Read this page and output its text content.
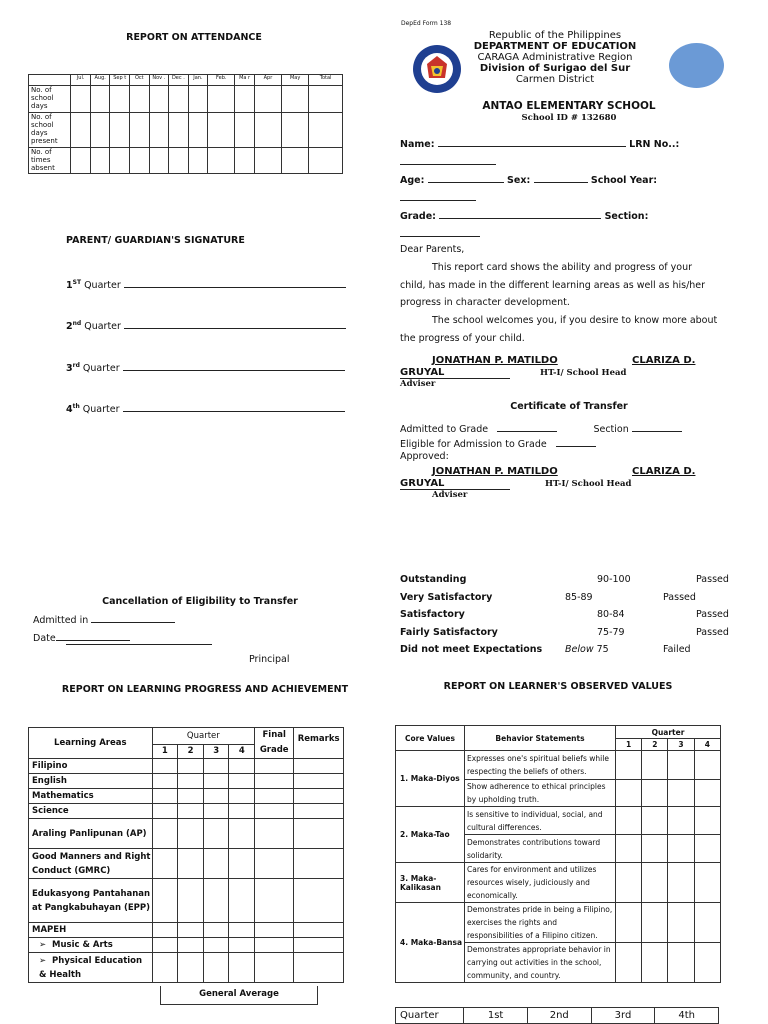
REPORT ON ATTENDANCE
	Jul.	Aug.	Sep t	Oct	Nov .	Dec .	Jan.	Feb.	Ma r	Apr	May	Total
No. of school days												
No. of school days present												
No. of times absent												
PARENT/ GUARDIAN'S SIGNATURE
1ST Quarter
2nd Quarter
3rd Quarter
4th Quarter
Cancellation of Eligibility to Transfer
Admitted in
Date
Principal
REPORT ON LEARNING PROGRESS AND ACHIEVEMENT
Learning Areas	Quarter				Final Grade	Remarks
	1	2	3	4		
Filipino						
English						
Mathematics						
Science						
Araling Panlipunan (AP)						
Good Manners and Right Conduct (GMRC)						
Edukasyong Pantahanan at Pangkabuhayan (EPP)						
MAPEH						
➢  Music & Arts						
➢  Physical Education & Health						
General Average
DepEd Form 138
Republic of the Philippines
DEPARTMENT OF EDUCATION
CARAGA Administrative Region
Division of Surigao del Sur
Carmen District
ANTAO ELEMENTARY SCHOOL
School ID # 132680
Name:	LRN No..:
Age:	Sex:	School Year:
Grade:	Section:
Dear Parents,
This report card shows the ability and progress of your
child, has made in the different learning areas as well as his/her
progress in character development.
The school welcomes you, if you desire to know more about
the progress of your child.
JONATHAN P. MATILDO	CLARIZA D.
GRUYAL	HT-I/ School Head
Adviser
Certificate of Transfer
Admitted to Grade	Section
Eligible for Admission to Grade
Approved:
JONATHAN P. MATILDO	CLARIZA D.
GRUYAL	HT-I/ School Head
Adviser
Outstanding	90-100	Passed
Very Satisfactory	85-89	Passed
Satisfactory	80-84	Passed
Fairly Satisfactory	75-79	Passed
Did not meet Expectations Below 75	Failed
REPORT ON LEARNER'S OBSERVED VALUES
Core Values	Behavior Statements	Quarter			
		1	2	3	4
1. Maka-Diyos	Expresses one's spiritual beliefs while respecting the beliefs of others.				
	Show adherence to ethical principles by upholding truth.				
2. Maka-Tao	Is sensitive to individual, social, and cultural differences.				
	Demonstrates contributions toward solidarity.				
3. Maka-Kalikasan	Cares for environment and utilizes resources wisely, judiciously and economically.				
4. Maka-Bansa	Demonstrates pride in being a Filipino, exercises the rights and responsibilities of a Filipino citizen.				
	Demonstrates appropriate behavior in carrying out activities in the school, community, and country.				
Quarter	1st	2nd	3rd	4th
